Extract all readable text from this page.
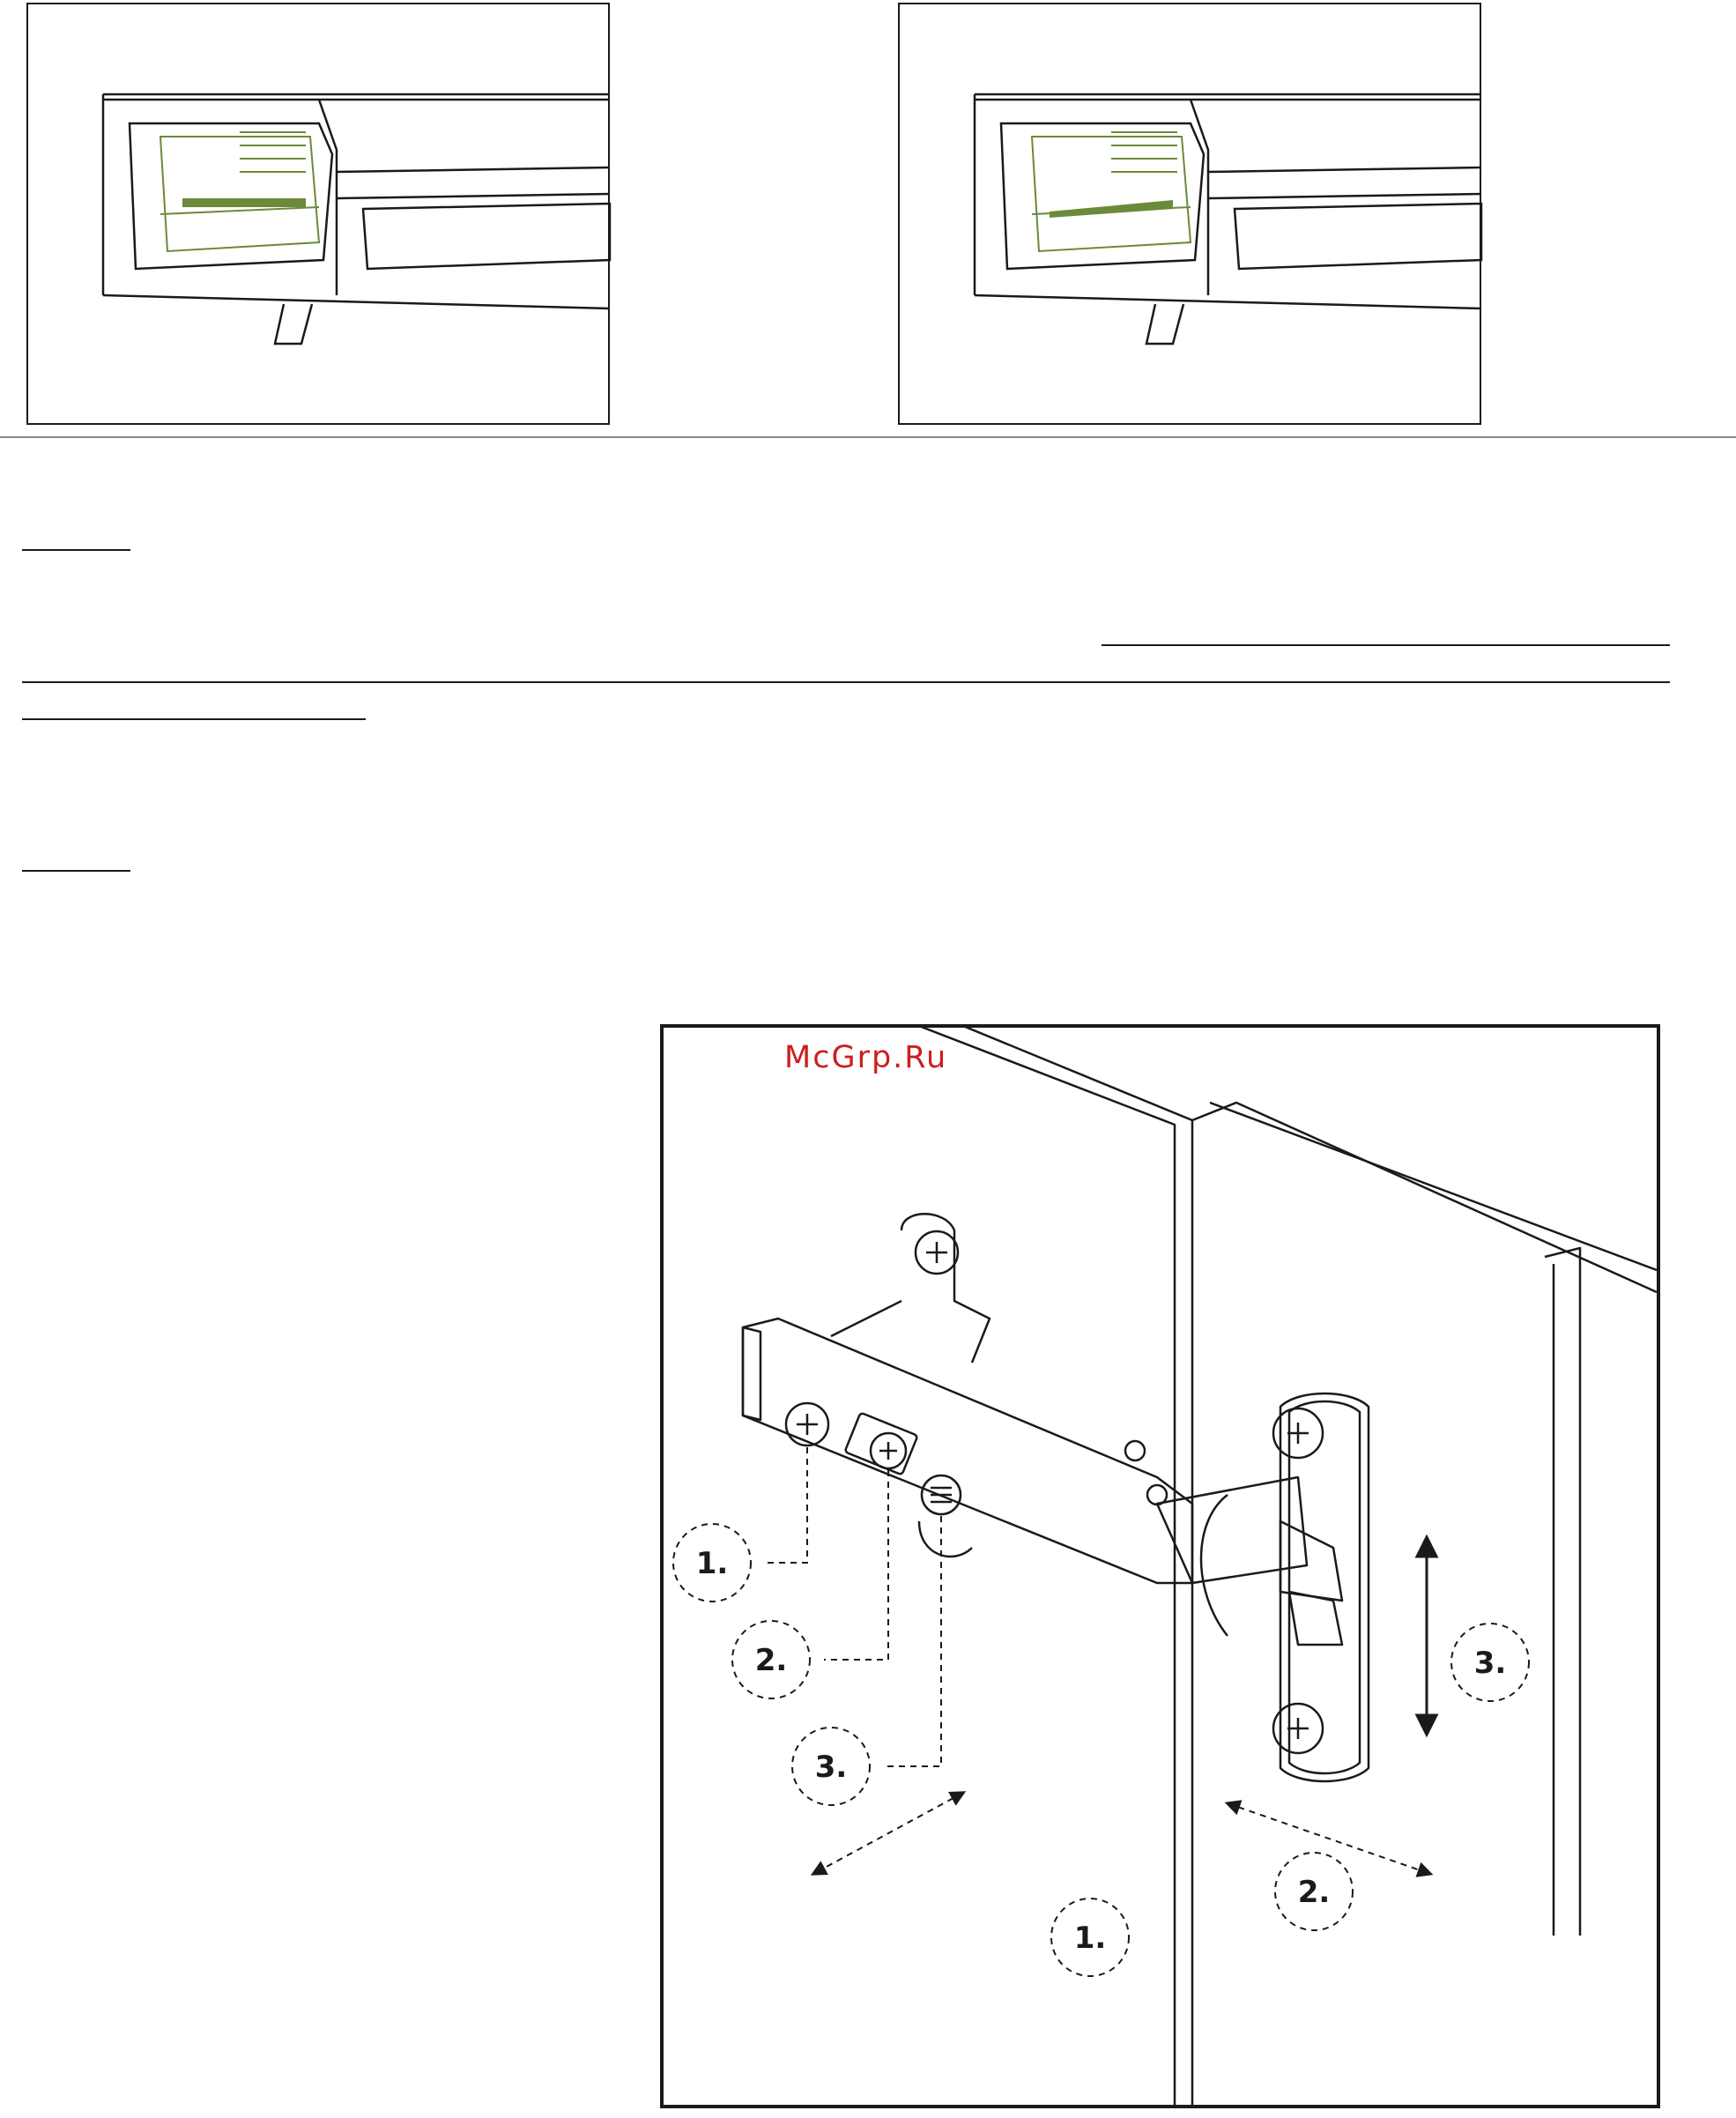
1.
2.
3.
3.
2.
1.
McGrp.Ru
